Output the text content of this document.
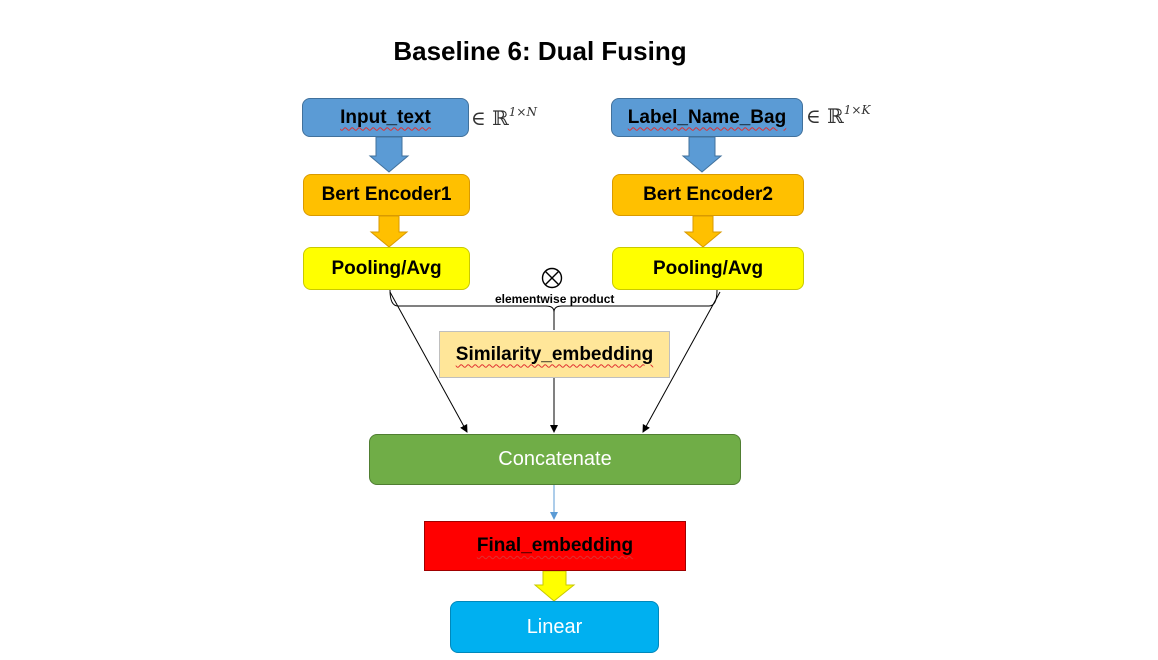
Baseline 6: Dual Fusing
Input_text ∈ ℝ$^{1\times N}$
Bert Encoder1
Pooling/Avg
Label_Name_Bag ∈ ℝ$^{1\times K}$
Bert Encoder2
Pooling/Avg
elementwise product
Similarity_embedding
Concatenate
Final_embedding
Linear
